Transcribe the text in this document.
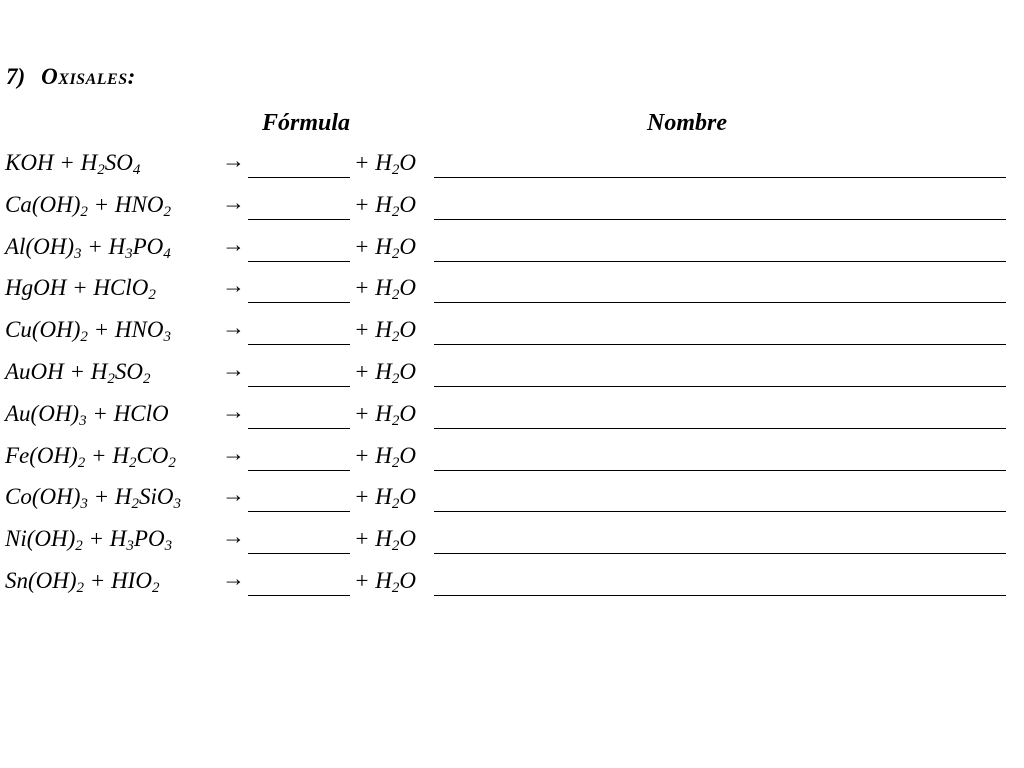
7) Oxisales:
Fórmula	Nombre
KOH + $H_2SO_4$	→	+ $H_2O$
$Ca(OH)_2 + HNO_2$ →	+ $H_2O$
$Al(OH)_3 + H_3PO_4$ →	+ $H_2O$
HgOH + HClO$_2$	→	+ $H_2O$
$Cu(OH)_2 + HNO_3$ →	+ $H_2O$
AuOH + $H_2SO_2$	→	+ $H_2O$
$Au(OH)_3$ + HClO →	+ $H_2O$
$Fe(OH)_2 + H_2CO_2$ →	+ $H_2O$
$Co(OH)_3 + H_2SiO_3$ →	+ $H_2O$
$Ni(OH)_2 + H_3PO_3$ →	+ $H_2O$
$Sn(OH)_2 + HIO_2$	→	+ $H_2O$
